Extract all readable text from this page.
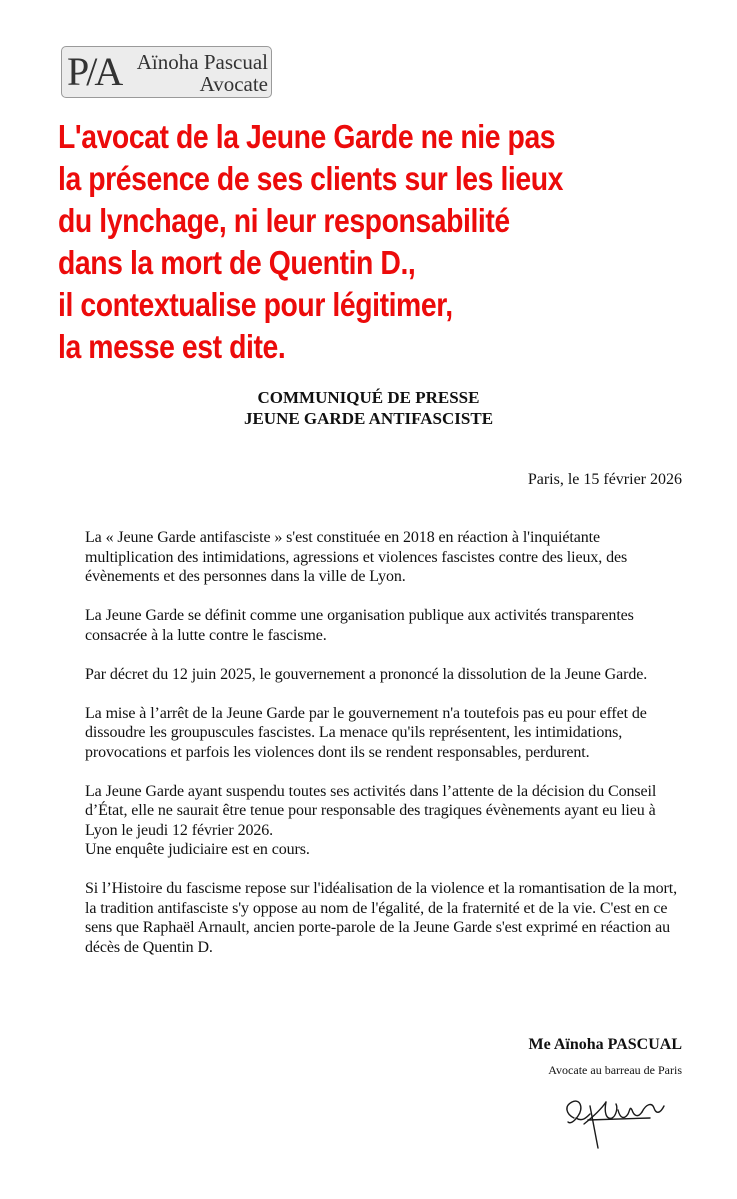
P/A Aïnoha Pascual
Avocate
L'avocat de la Jeune Garde ne nie pas
la présence de ses clients sur les lieux
du lynchage, ni leur responsabilité
dans la mort de Quentin D.,
il contextualise pour légitimer,
la messe est dite.
COMMUNIQUÉ DE PRESSE
JEUNE GARDE ANTIFASCISTE
Paris, le 15 février 2026

La « Jeune Garde antifasciste » s'est constituée en 2018 en réaction à l'inquiétante multiplication des intimidations, agressions et violences fascistes contre des lieux, des évènements et des personnes dans la ville de Lyon.

La Jeune Garde se définit comme une organisation publique aux activités transparentes consacrée à la lutte contre le fascisme.

Par décret du 12 juin 2025, le gouvernement a prononcé la dissolution de la Jeune Garde.

La mise à l’arrêt de la Jeune Garde par le gouvernement n'a toutefois pas eu pour effet de dissoudre les groupuscules fascistes. La menace qu'ils représentent, les intimidations, provocations et parfois les violences dont ils se rendent responsables, perdurent.

La Jeune Garde ayant suspendu toutes ses activités dans l’attente de la décision du Conseil d’État, elle ne saurait être tenue pour responsable des tragiques évènements ayant eu lieu à Lyon le jeudi 12 février 2026.

Une enquête judiciaire est en cours.

Si l’Histoire du fascisme repose sur l'idéalisation de la violence et la romantisation de la mort, la tradition antifasciste s'y oppose au nom de l'égalité, de la fraternité et de la vie. C'est en ce sens que Raphaël Arnault, ancien porte-parole de la Jeune Garde s'est exprimé en réaction au décès de Quentin D.

Me Aïnoha PASCUAL
Avocate au barreau de Paris
